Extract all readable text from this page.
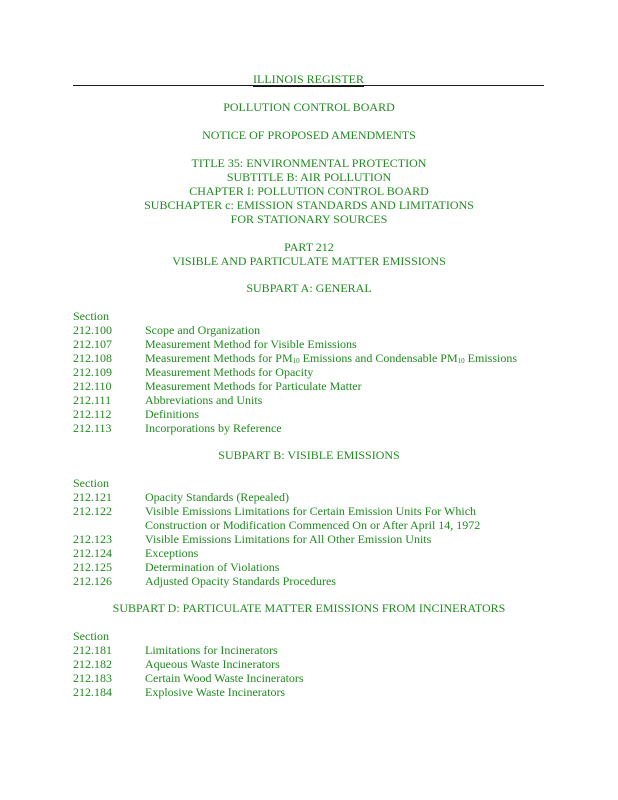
ILLINOIS REGISTER
POLLUTION CONTROL BOARD
NOTICE OF PROPOSED AMENDMENTS
TITLE 35: ENVIRONMENTAL PROTECTION
SUBTITLE B: AIR POLLUTION
CHAPTER I: POLLUTION CONTROL BOARD
SUBCHAPTER c: EMISSION STANDARDS AND LIMITATIONS
FOR STATIONARY SOURCES
PART 212
VISIBLE AND PARTICULATE MATTER EMISSIONS
SUBPART A: GENERAL
Section
212.100	Scope and Organization
212.107	Measurement Method for Visible Emissions
212.108	Measurement Methods for $PM_{10}$ Emissions and Condensable $PM_{10}$ Emissions
212.109	Measurement Methods for Opacity
212.110	Measurement Methods for Particulate Matter
212.111	Abbreviations and Units
212.112	Definitions
212.113	Incorporations by Reference
SUBPART B: VISIBLE EMISSIONS
Section
212.121	Opacity Standards (Repealed)
212.122	Visible Emissions Limitations for Certain Emission Units For Which
Construction or Modification Commenced On or After April 14, 1972
212.123	Visible Emissions Limitations for All Other Emission Units
212.124	Exceptions
212.125	Determination of Violations
212.126	Adjusted Opacity Standards Procedures
SUBPART D: PARTICULATE MATTER EMISSIONS FROM INCINERATORS
Section
212.181	Limitations for Incinerators
212.182	Aqueous Waste Incinerators
212.183	Certain Wood Waste Incinerators
212.184	Explosive Waste Incinerators
